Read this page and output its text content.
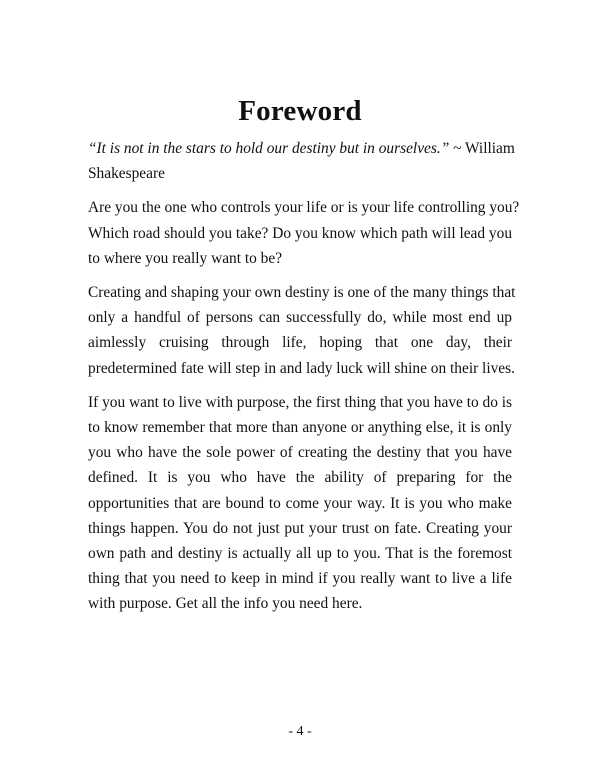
Foreword

“It is not in the stars to hold our destiny but in ourselves.” ~ William
Shakespeare

Are you the one who controls your life or is your life controlling you?
Which road should you take? Do you know which path will lead you
to where you really want to be?

Creating and shaping your own destiny is one of the many things that
only a handful of persons can successfully do, while most end up
aimlessly cruising through life, hoping that one day, their
predetermined fate will step in and lady luck will shine on their lives.

If you want to live with purpose, the first thing that you have to do is
to know remember that more than anyone or anything else, it is only
you who have the sole power of creating the destiny that you have
defined. It is you who have the ability of preparing for the
opportunities that are bound to come your way. It is you who make
things happen. You do not just put your trust on fate. Creating your
own path and destiny is actually all up to you. That is the foremost
thing that you need to keep in mind if you really want to live a life
with purpose. Get all the info you need here.

- 4 -
